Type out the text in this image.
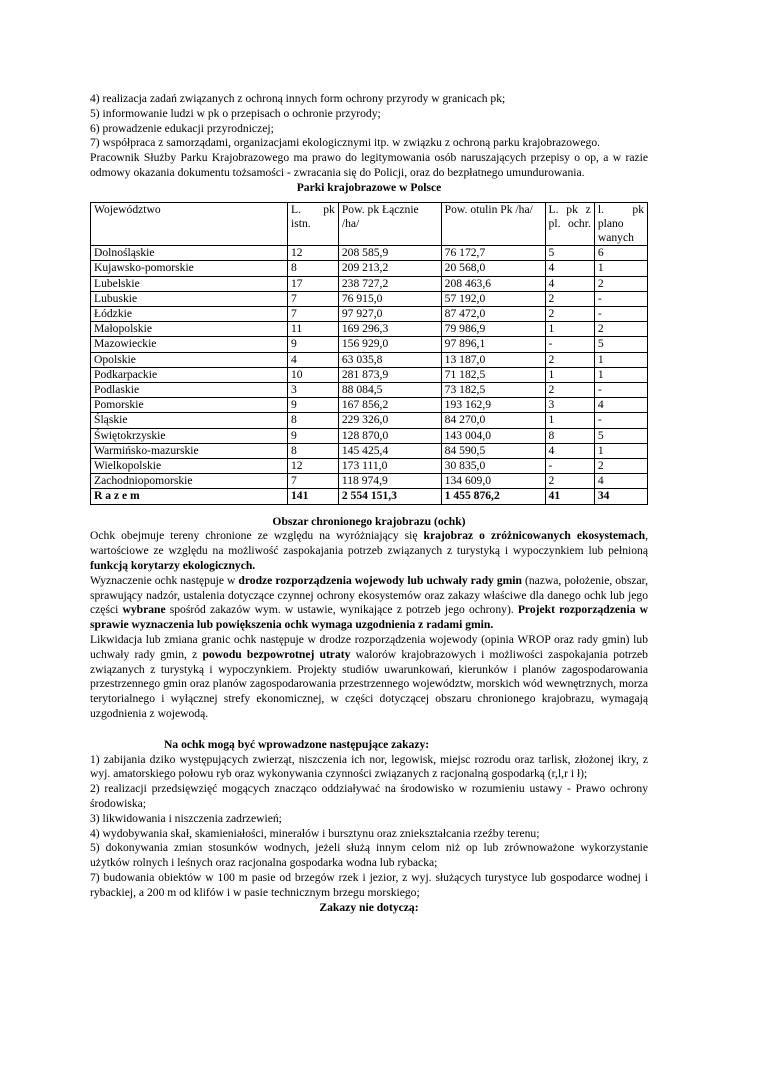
4) realizacja zadań związanych z ochroną innych form ochrony przyrody w granicach pk;

5) informowanie ludzi w pk o przepisach o ochronie przyrody;

6) prowadzenie edukacji przyrodniczej;

7) współpraca z samorządami, organizacjami ekologicznymi itp. w związku z ochroną parku krajobrazowego.

Pracownik Służby Parku Krajobrazowego ma prawo do legitymowania osób naruszających przepisy o op, a w razie odmowy okazania dokumentu tożsamości - zwracania się do Policji, oraz do bezpłatnego umundurowania.

Parki krajobrazowe w Polsce

Województwo	L. pk istn.	Pow. pk Łącznie /ha/	Pow. otulin Pk /ha/	L. pk z pl. ochr.	l. pk plano wanych
Dolnośląskie	12	208 585,9	76 172,7	5	6
Kujawsko-pomorskie	8	209 213,2	20 568,0	4	1
Lubelskie	17	238 727,2	208 463,6	4	2
Lubuskie	7	76 915,0	57 192,0	2	-
Łódzkie	7	97 927,0	87 472,0	2	-
Małopolskie	11	169 296,3	79 986,9	1	2
Mazowieckie	9	156 929,0	97 896,1	-	5
Opolskie	4	63 035,8	13 187,0	2	1
Podkarpackie	10	281 873,9	71 182,5	1	1
Podlaskie	3	88 084,5	73 182,5	2	-
Pomorskie	9	167 856,2	193 162,9	3	4
Śląskie	8	229 326,0	84 270,0	1	-
Świętokrzyskie	9	128 870,0	143 004,0	8	5
Warmińsko-mazurskie	8	145 425,4	84 590,5	4	1
Wielkopolskie	12	173 111,0	30 835,0	-	2
Zachodniopomorskie	7	118 974,9	134 609,0	2	4
R a z e m	141	2 554 151,3	1 455 876,2	41	34

Obszar chronionego krajobrazu (ochk)

Ochk obejmuje tereny chronione ze względu na wyróżniający się krajobraz o zróżnicowanych ekosystemach, wartościowe ze względu na możliwość zaspokajania potrzeb związanych z turystyką i wypoczynkiem lub pełnioną funkcją korytarzy ekologicznych.

Wyznaczenie ochk następuje w drodze rozporządzenia wojewody lub uchwały rady gmin (nazwa, położenie, obszar, sprawujący nadzór, ustalenia dotyczące czynnej ochrony ekosystemów oraz zakazy właściwe dla danego ochk lub jego części wybrane spośród zakazów wym. w ustawie, wynikające z potrzeb jego ochrony). Projekt rozporządzenia w sprawie wyznaczenia lub powiększenia ochk wymaga uzgodnienia z radami gmin.

Likwidacja lub zmiana granic ochk następuje w drodze rozporządzenia wojewody (opinia WROP oraz rady gmin) lub uchwały rady gmin, z powodu bezpowrotnej utraty walorów krajobrazowych i możliwości zaspokajania potrzeb związanych z turystyką i wypoczynkiem. Projekty studiów uwarunkowań, kierunków i planów zagospodarowania przestrzennego gmin oraz planów zagospodarowania przestrzennego województw, morskich wód wewnętrznych, morza terytorialnego i wyłącznej strefy ekonomicznej, w części dotyczącej obszaru chronionego krajobrazu, wymagają uzgodnienia z wojewodą.

Na ochk mogą być wprowadzone następujące zakazy:

1) zabijania dziko występujących zwierząt, niszczenia ich nor, legowisk, miejsc rozrodu oraz tarlisk, złożonej ikry, z wyj. amatorskiego połowu ryb oraz wykonywania czynności związanych z racjonalną gospodarką (r,l,r i ł);

2) realizacji przedsięwzięć mogących znacząco oddziaływać na środowisko w rozumieniu ustawy - Prawo ochrony środowiska;

3) likwidowania i niszczenia zadrzewień;

4) wydobywania skał, skamieniałości, minerałów i bursztynu oraz zniekształcania rzeźby terenu;

5) dokonywania zmian stosunków wodnych, jeżeli służą innym celom niż op lub zrównoważone wykorzystanie użytków rolnych i leśnych oraz racjonalna gospodarka wodna lub rybacka;

7) budowania obiektów w 100 m pasie od brzegów rzek i jezior, z wyj. służących turystyce lub gospodarce wodnej i rybackiej, a 200 m od klifów i w pasie technicznym brzegu morskiego;

Zakazy nie dotyczą:
